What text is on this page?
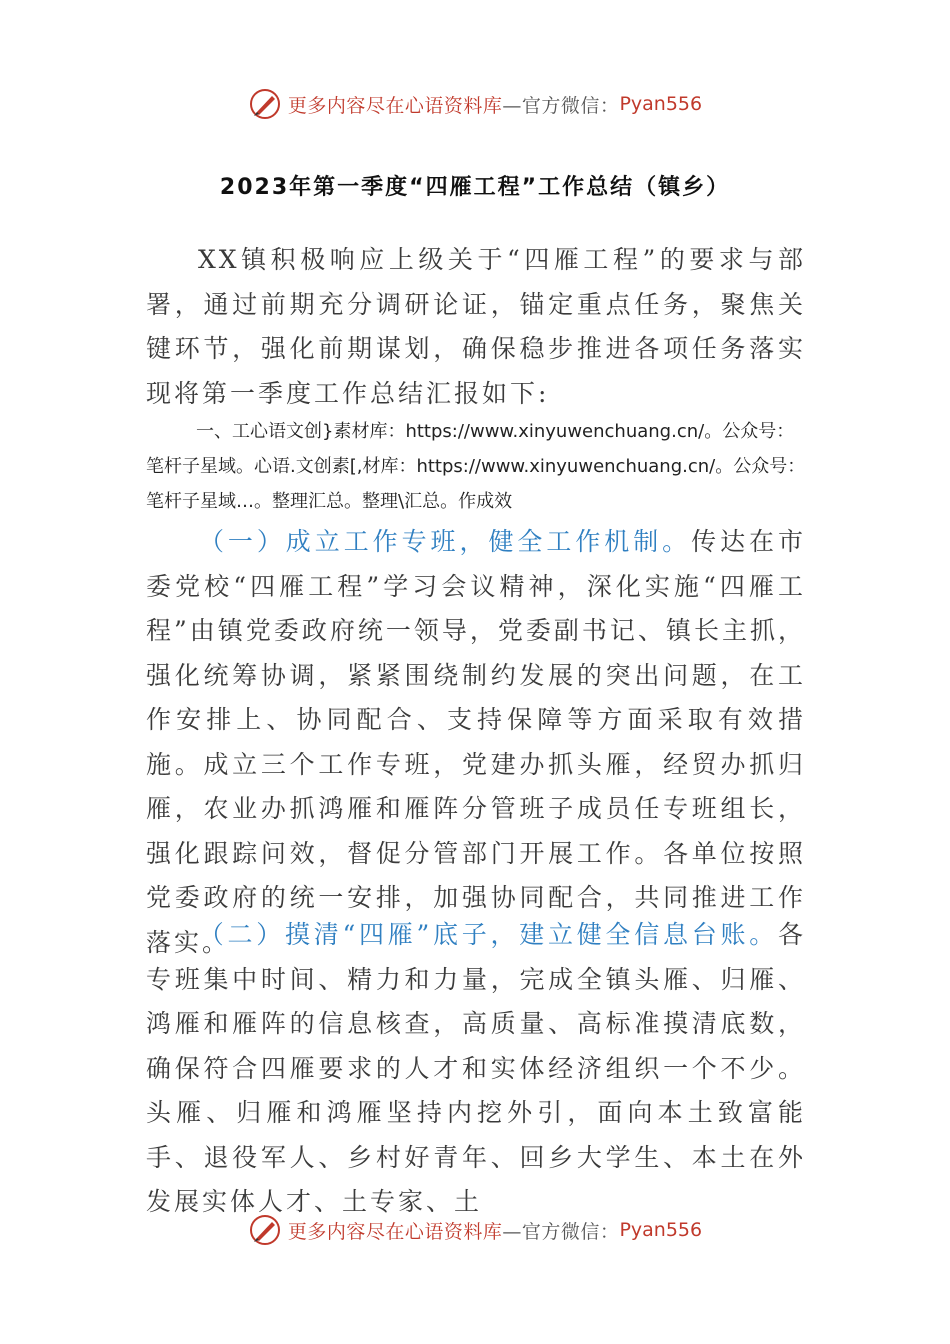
更多内容尽在心语资料库 —官方微信： Pyan556
2023年第一季度“四雁工程”工作总结（镇乡）
XX镇积极响应上级关于“四雁工程”的要求与部署，通过前期充分调研论证，锚定重点任务，聚焦关键环节，强化前期谋划，确保稳步推进各项任务落实现将第一季度工作总结汇报如下:
一、工心语文创}素材库：https://www.xinyuwenchuang.cn/。公众号：笔杆子星域。心语.文创素[,材库：https://www.xinyuwenchuang.cn/。公众号：笔杆子星域…。整理汇总。整理\汇总。作成效
（一）成立工作专班，健全工作机制。传达在市委党校“四雁工程”学习会议精神，深化实施“四雁工程”由镇党委政府统一领导，党委副书记、镇长主抓，强化统筹协调，紧紧围绕制约发展的突出问题，在工作安排上、协同配合、支持保障等方面采取有效措施。成立三个工作专班，党建办抓头雁，经贸办抓归雁，农业办抓鸿雁和雁阵分管班子成员任专班组长，强化跟踪问效，督促分管部门开展工作。各单位按照党委政府的统一安排，加强协同配合，共同推进工作落实。
（二）摸清“四雁”底子，建立健全信息台账。各专班集中时间、精力和力量，完成全镇头雁、归雁、鸿雁和雁阵的信息核查，高质量、高标准摸清底数，确保符合四雁要求的人才和实体经济组织一个不少。头雁、归雁和鸿雁坚持内挖外引，面向本土致富能手、退役军人、乡村好青年、回乡大学生、本土在外发展实体人才、土专家、土
更多内容尽在心语资料库 —官方微信： Pyan556
